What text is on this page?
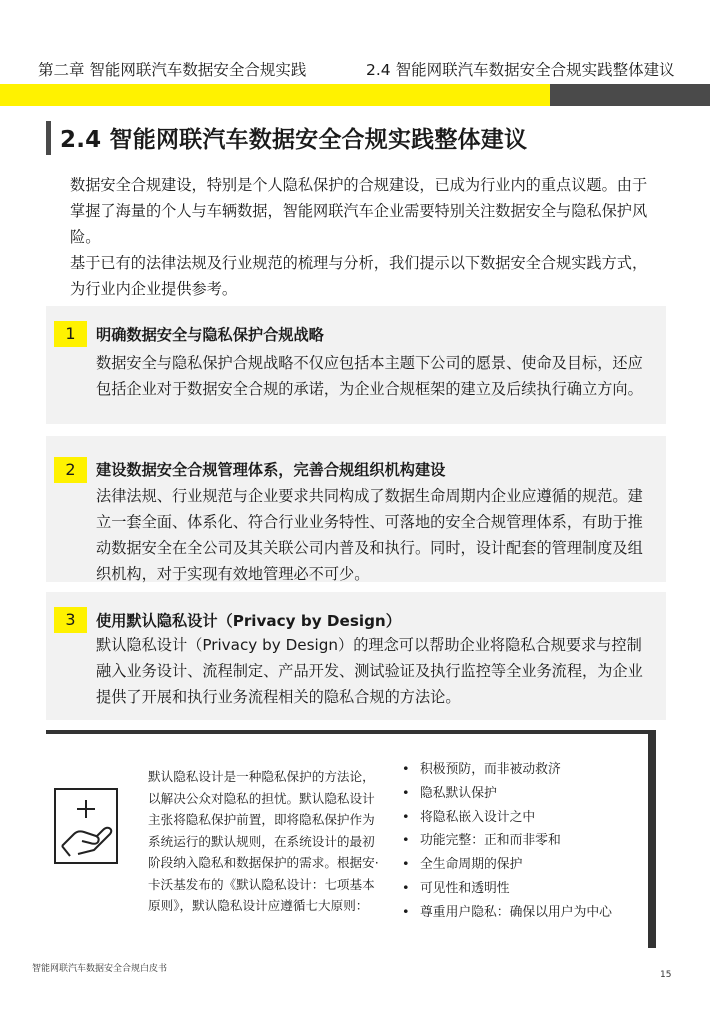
第二章 智能网联汽车数据安全合规实践	2.4 智能网联汽车数据安全合规实践整体建议
2.4 智能网联汽车数据安全合规实践整体建议
数据安全合规建设，特别是个人隐私保护的合规建设，已成为行业内的重点议题。由于掌握了海量的个人与车辆数据，智能网联汽车企业需要特别关注数据安全与隐私保护风险。
基于已有的法律法规及行业规范的梳理与分析，我们提示以下数据安全合规实践方式，为行业内企业提供参考。
1	明确数据安全与隐私保护合规战略
数据安全与隐私保护合规战略不仅应包括本主题下公司的愿景、使命及目标，还应包括企业对于数据安全合规的承诺，为企业合规框架的建立及后续执行确立方向。
2	建设数据安全合规管理体系，完善合规组织机构建设
法律法规、行业规范与企业要求共同构成了数据生命周期内企业应遵循的规范。建立一套全面、体系化、符合行业业务特性、可落地的安全合规管理体系，有助于推动数据安全在全公司及其关联公司内普及和执行。同时，设计配套的管理制度及组织机构，对于实现有效地管理必不可少。
3	使用默认隐私设计（Privacy by Design）
默认隐私设计（Privacy by Design）的理念可以帮助企业将隐私合规要求与控制融入业务设计、流程制定、产品开发、测试验证及执行监控等全业务流程，为企业提供了开展和执行业务流程相关的隐私合规的方法论。
默认隐私设计是一种隐私保护的方法论，以解决公众对隐私的担忧。默认隐私设计主张将隐私保护前置，即将隐私保护作为系统运行的默认规则，在系统设计的最初阶段纳入隐私和数据保护的需求。根据安·卡沃基发布的《默认隐私设计：七项基本原则》，默认隐私设计应遵循七大原则：
• 积极预防，而非被动救济
• 隐私默认保护
• 将隐私嵌入设计之中
• 功能完整：正和而非零和
• 全生命周期的保护
• 可见性和透明性
• 尊重用户隐私：确保以用户为中心
智能网联汽车数据安全合规白皮书
15
